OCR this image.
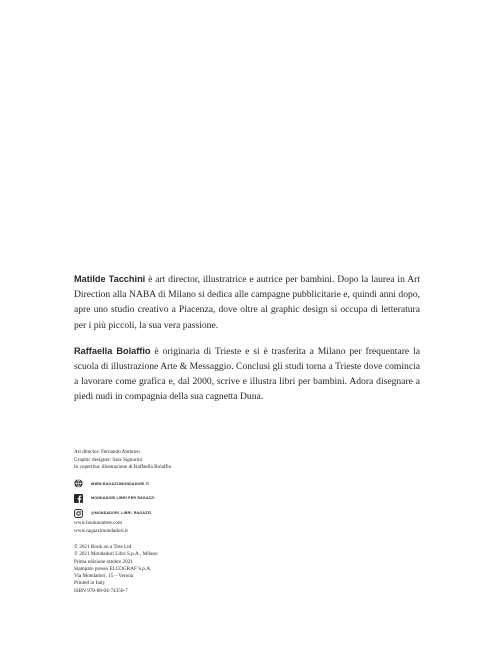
Matilde Tacchini è art director, illustratrice e autrice per bambini. Dopo la laurea in Art Direction alla NABA di Milano si dedica alle campagne pubblicitarie e, quindi anni dopo, apre uno studio creativo a Piacenza, dove oltre al graphic design si occupa di letteratura per i più piccoli, la sua vera passione.

Raffaella Bolaffio è originaria di Trieste e si è trasferita a Milano per frequentare la scuola di illustrazione Arte & Messaggio. Conclusi gli studi torna a Trieste dove comincia a lavorare come grafica e, dal 2000, scrive e illustra libri per bambini. Adora disegnare a piedi nudi in compagnia della sua cagnetta Duna.

Art director: Fernando Ambrosi
Graphic designer: Sara Signorini
In copertina: illustrazione di Raffaella Bolaffio
WWW.RAGAZZIMONDADORI.IT
MONDADORI LIBRI PER RAGAZZI
@MONDADORI_LIBRI_RAGAZZI
www.bookonatree.com
www.ragazzimondadori.it
© 2021 Book on a Tree Ltd
© 2021 Mondadori Libri S.p.A., Milano
Prima edizione ottobre 2021
Stampato presso ELCOGRAF S.p.A.
Via Mondadori, 15 – Verona
Printed in Italy
ISBN 978-88-04-74350-7
